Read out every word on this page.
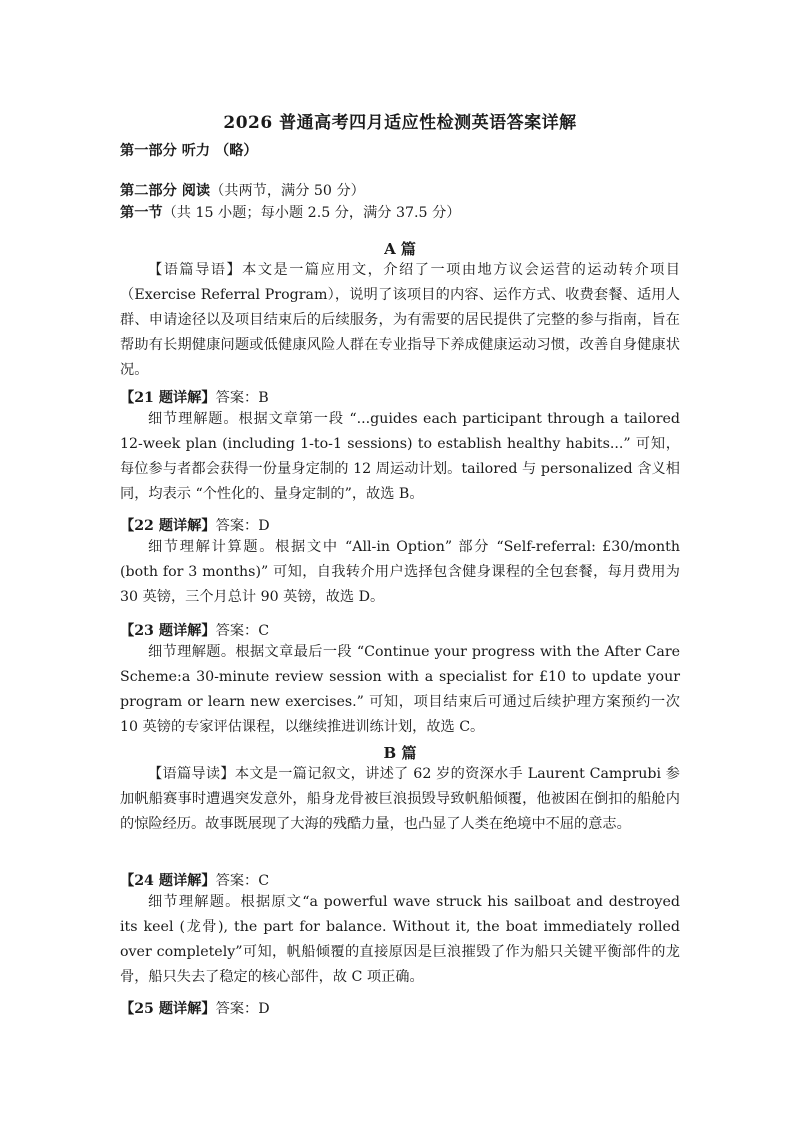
2026 普通高考四月适应性检测英语答案详解
第一部分 听力 （略）
第二部分 阅读（共两节，满分 50 分）
第一节（共 15 小题；每小题 2.5 分，满分 37.5 分）
A 篇
【语篇导语】本文是一篇应用文，介绍了一项由地方议会运营的运动转介项目（Exercise Referral Program），说明了该项目的内容、运作方式、收费套餐、适用人群、申请途径以及项目结束后的后续服务，为有需要的居民提供了完整的参与指南，旨在帮助有长期健康问题或低健康风险人群在专业指导下养成健康运动习惯，改善自身健康状况。
【21 题详解】答案：B
细节理解题。根据文章第一段 “...guides each participant through a tailored 12-week plan (including 1-to-1 sessions) to establish healthy habits...” 可知，每位参与者都会获得一份量身定制的 12 周运动计划。tailored 与 personalized 含义相同，均表示 “个性化的、量身定制的”，故选 B。
【22 题详解】答案：D
细节理解计算题。根据文中 “All-in Option” 部分 “Self-referral: £30/month (both for 3 months)” 可知，自我转介用户选择包含健身课程的全包套餐，每月费用为 30 英镑，三个月总计 90 英镑，故选 D。
【23 题详解】答案：C
细节理解题。根据文章最后一段 “Continue your progress with the After Care Scheme:a 30-minute review session with a specialist for £10 to update your program or learn new exercises.” 可知，项目结束后可通过后续护理方案预约一次 10 英镑的专家评估课程，以继续推进训练计划，故选 C。
B 篇
【语篇导读】本文是一篇记叙文，讲述了 62 岁的资深水手 Laurent Camprubi 参加帆船赛事时遭遇突发意外，船身龙骨被巨浪损毁导致帆船倾覆，他被困在倒扣的船舱内的惊险经历。故事既展现了大海的残酷力量，也凸显了人类在绝境中不屈的意志。
【24 题详解】答案：C
细节理解题。根据原文“a powerful wave struck his sailboat and destroyed its keel (龙骨), the part for balance. Without it, the boat immediately rolled over completely”可知，帆船倾覆的直接原因是巨浪摧毁了作为船只关键平衡部件的龙骨，船只失去了稳定的核心部件，故 C 项正确。
【25 题详解】答案：D
